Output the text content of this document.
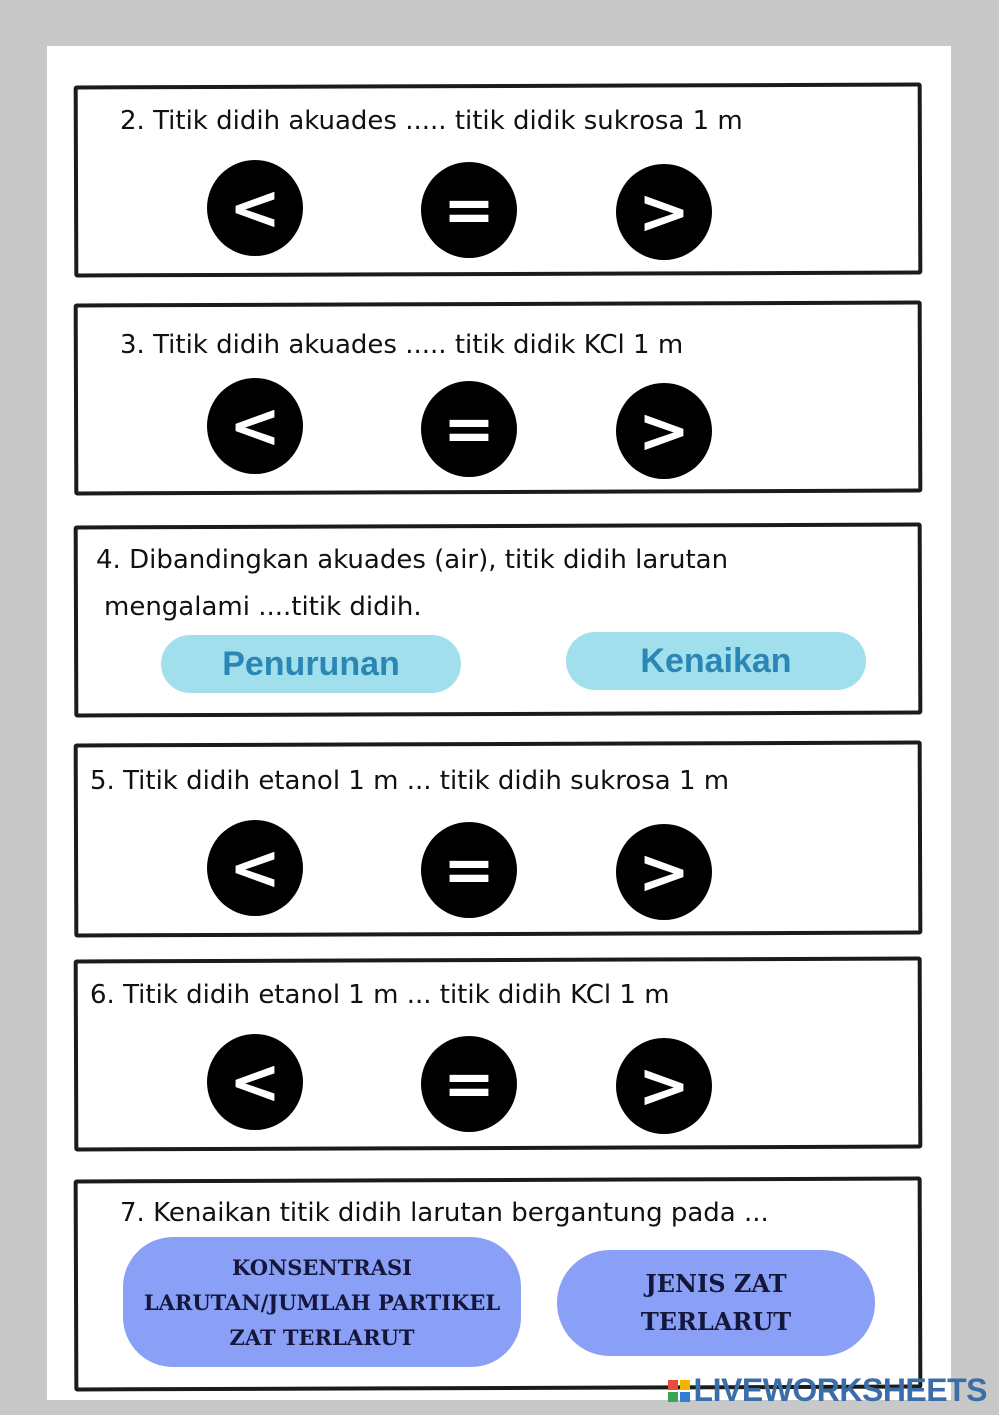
2. Titik didih akuades ..... titik didik sukrosa 1 m
<	=	>
3. Titik didih akuades ..... titik didik KCl 1 m
<	=	>
4. Dibandingkan akuades (air), titik didih larutan
mengalami ....titik didih.
Penurunan	Kenaikan
5. Titik didih etanol 1 m ... titik didih sukrosa 1 m
<	=	>
6. Titik didih etanol 1 m ... titik didih KCl 1 m
<	=	>
7. Kenaikan titik didih larutan bergantung pada ...
KONSENTRASI
LARUTAN/JUMLAH PARTIKEL
ZAT TERLARUT
JENIS ZAT
TERLARUT
LIVEWORKSHEETS
